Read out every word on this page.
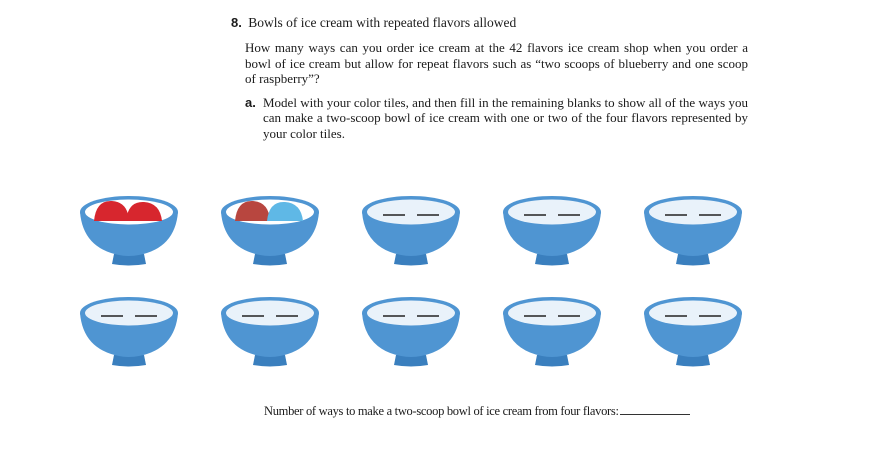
8. Bowls of ice cream with repeated flavors allowed
How many ways can you order ice cream at the 42 flavors ice cream shop when you order a bowl of ice cream but allow for repeat flavors such as “two scoops of blueberry and one scoop of raspberry”?
a. Model with your color tiles, and then fill in the remaining blanks to show all of the ways you can make a two-scoop bowl of ice cream with one or two of the four flavors represented by your color tiles.
Number of ways to make a two-scoop bowl of ice cream from four flavors:
